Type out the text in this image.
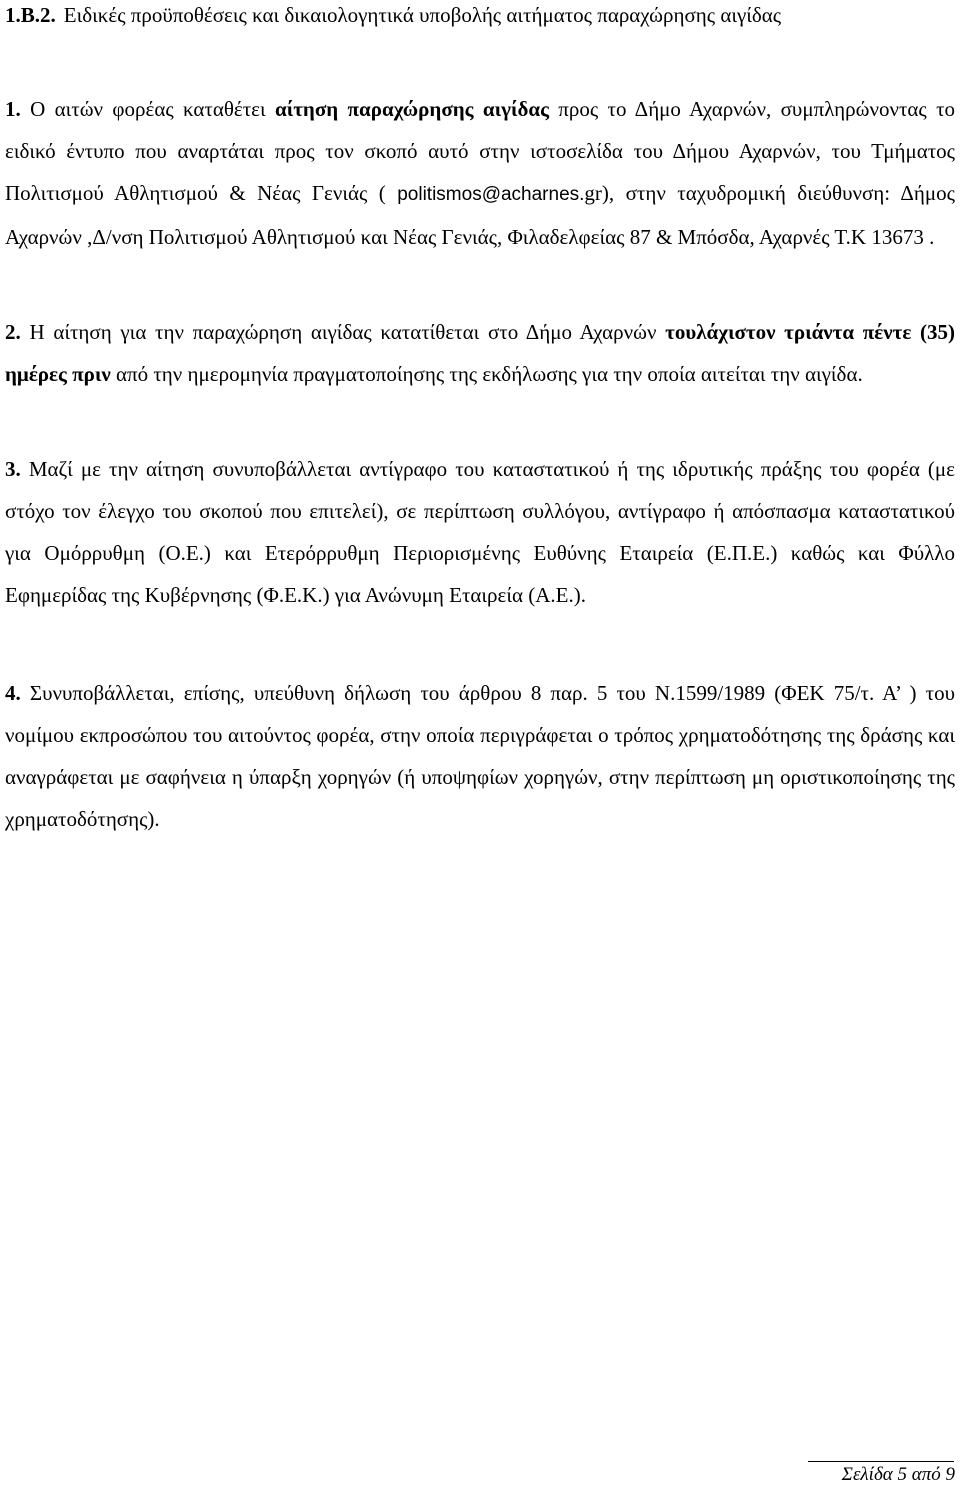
1.Β.2. Ειδικές προϋποθέσεις και δικαιολογητικά υποβολής αιτήματος παραχώρησης αιγίδας

1. Ο αιτών φορέας καταθέτει αίτηση παραχώρησης αιγίδας προς το Δήμο Αχαρνών, συμπληρώνοντας το ειδικό έντυπο που αναρτάται προς τον σκοπό αυτό στην ιστοσελίδα του Δήμου Αχαρνών, του Τμήματος Πολιτισμού Αθλητισμού & Νέας Γενιάς ( politismos@acharnes.gr), στην ταχυδρομική διεύθυνση: Δήμος Αχαρνών ,Δ/νση Πολιτισμού Αθλητισμού και Νέας Γενιάς, Φιλαδελφείας 87 & Μπόσδα, Αχαρνές Τ.Κ 13673 .

2. Η αίτηση για την παραχώρηση αιγίδας κατατίθεται στο Δήμο Αχαρνών τουλάχιστον τριάντα πέντε (35) ημέρες πριν από την ημερομηνία πραγματοποίησης της εκδήλωσης για την οποία αιτείται την αιγίδα.

3. Μαζί με την αίτηση συνυποβάλλεται αντίγραφο του καταστατικού ή της ιδρυτικής πράξης του φορέα (με στόχο τον έλεγχο του σκοπού που επιτελεί), σε περίπτωση συλλόγου, αντίγραφο ή απόσπασμα καταστατικού για Ομόρρυθμη (Ο.Ε.) και Ετερόρρυθμη Περιορισμένης Ευθύνης Εταιρεία (Ε.Π.Ε.) καθώς και Φύλλο Εφημερίδας της Κυβέρνησης (Φ.Ε.Κ.) για Ανώνυμη Εταιρεία (Α.Ε.).

4. Συνυποβάλλεται, επίσης, υπεύθυνη δήλωση του άρθρου 8 παρ. 5 του Ν.1599/1989 (ΦΕΚ 75/τ. Α’ ) του νομίμου εκπροσώπου του αιτούντος φορέα, στην οποία περιγράφεται ο τρόπος χρηματοδότησης της δράσης και αναγράφεται με σαφήνεια η ύπαρξη χορηγών (ή υποψηφίων χορηγών, στην περίπτωση μη οριστικοποίησης της χρηματοδότησης).

Σελίδα 5 από 9
